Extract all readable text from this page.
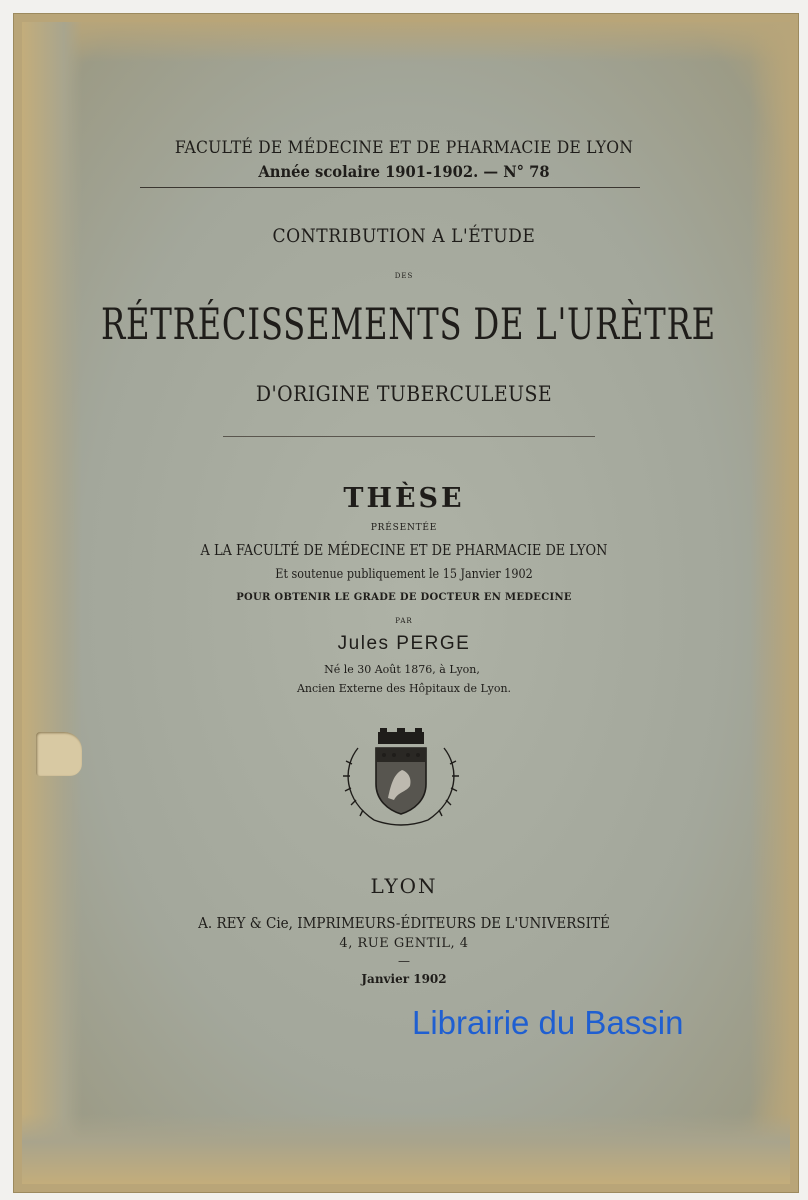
FACULTÉ DE MÉDECINE ET DE PHARMACIE DE LYON
Année scolaire 1901-1902. — N° 78
CONTRIBUTION A L'ÉTUDE
DES
RÉTRÉCISSEMENTS DE L'URÈTRE
D'ORIGINE TUBERCULEUSE
THÈSE
PRÉSENTÉE
A LA FACULTÉ DE MÉDECINE ET DE PHARMACIE DE LYON
Et soutenue publiquement le 15 Janvier 1902
POUR OBTENIR LE GRADE DE DOCTEUR EN MEDECINE
PAR
Jules PERGE
Né le 30 Août 1876, à Lyon,
Ancien Externe des Hôpitaux de Lyon.
LYON
A. REY & Cie, IMPRIMEURS-ÉDITEURS DE L'UNIVERSITÉ
4, RUE GENTIL, 4
—
Janvier 1902
Librairie du Bassin
